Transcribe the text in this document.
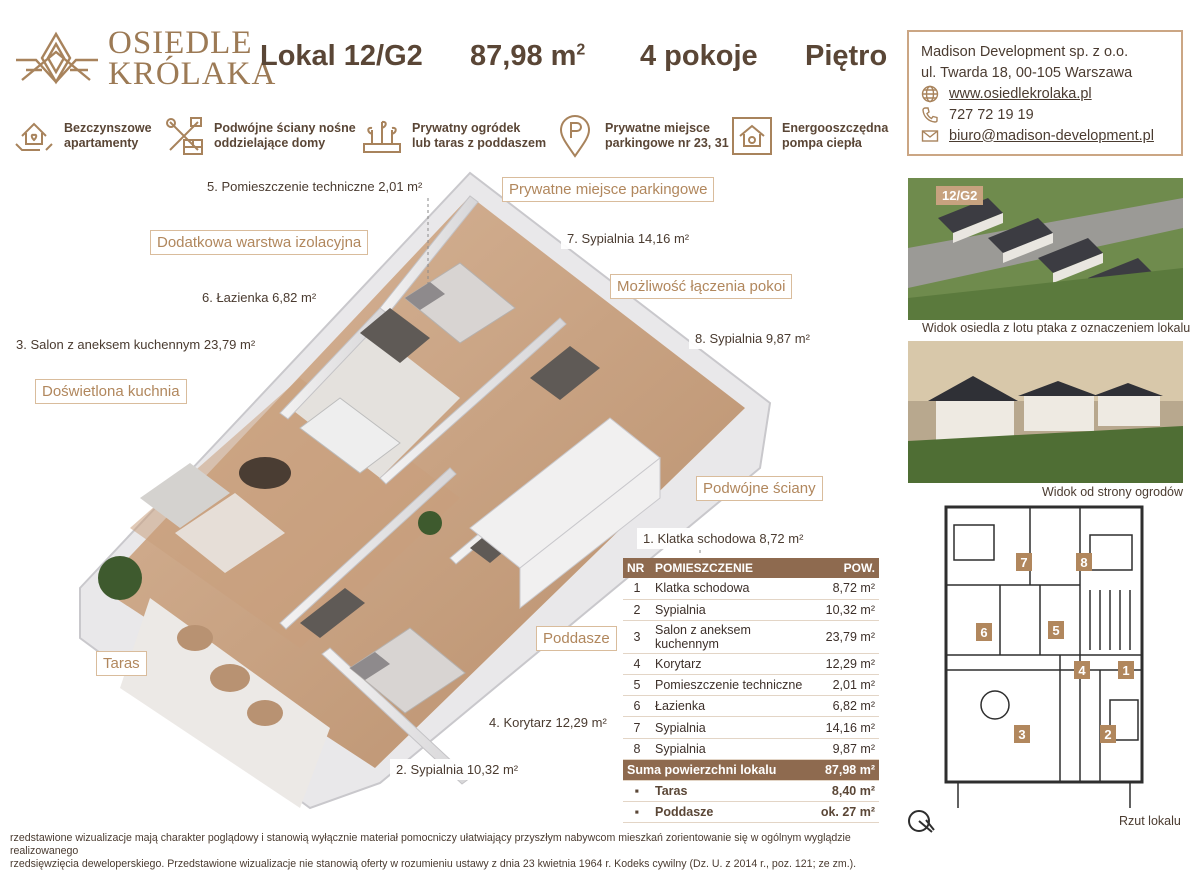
OSIEDLE
KRÓLAKA
Lokal 12/G2 87,98 $m^2$ 4 pokoje Piętro Madison Development sp. z o.o.
ul. Twarda 18, 00-105 Warszawa
www.osiedlekrolaka.pl
727 72 19 19
biuro@madison-development.pl
Bezczynszowe
apartamenty
Podwójne ściany nośne
oddzielające domy
Prywatny ogródek
lub taras z poddaszem
Prywatne miejsce
parkingowe nr 23, 31
Energooszczędna
pompa ciepła
5. Pomieszczenie techniczne 2,01 m²
7. Sypialnia 14,16 m²
6. Łazienka 6,82 m²
3. Salon z aneksem kuchennym 23,79 m²	8. Sypialnia 9,87 m²
1. Klatka schodowa 8,72 m²
4. Korytarz 12,29 m²
2. Sypialnia 10,32 m²
Prywatne miejsce parkingowe
Dodatkowa warstwa izolacyjna
Możliwość łączenia pokoi
Doświetlona kuchnia
Podwójne ściany
Poddasze
Taras
NR	POMIESZCZENIE	POW.
1	Klatka schodowa	8,72 m²
2	Sypialnia	10,32 m²
3	Salon z aneksem kuchennym	23,79 m²
4	Korytarz	12,29 m²
5	Pomieszczenie techniczne	2,01 m²
6	Łazienka	6,82 m²
7	Sypialnia	14,16 m²
8	Sypialnia	9,87 m²
Suma powierzchni lokalu		87,98 m²
▪	Taras	8,40 m²
▪	Poddasze	ok. 27 m²
12/G2
Widok osiedla z lotu ptaka z oznaczeniem lokalu
Widok od strony ogrodów
1
2
3
4
5
6
7	8
Rzut lokalu
rzedstawione wizualizacje mają charakter poglądowy i stanowią wyłącznie materiał pomocniczy ułatwiający przyszłym nabywcom mieszkań zorientowanie się w ogólnym wyglądzie realizowanego
rzedsięwzięcia deweloperskiego. Przedstawione wizualizacje nie stanowią oferty w rozumieniu ustawy z dnia 23 kwietnia 1964 r. Kodeks cywilny (Dz. U. z 2014 r., poz. 121; ze zm.).
